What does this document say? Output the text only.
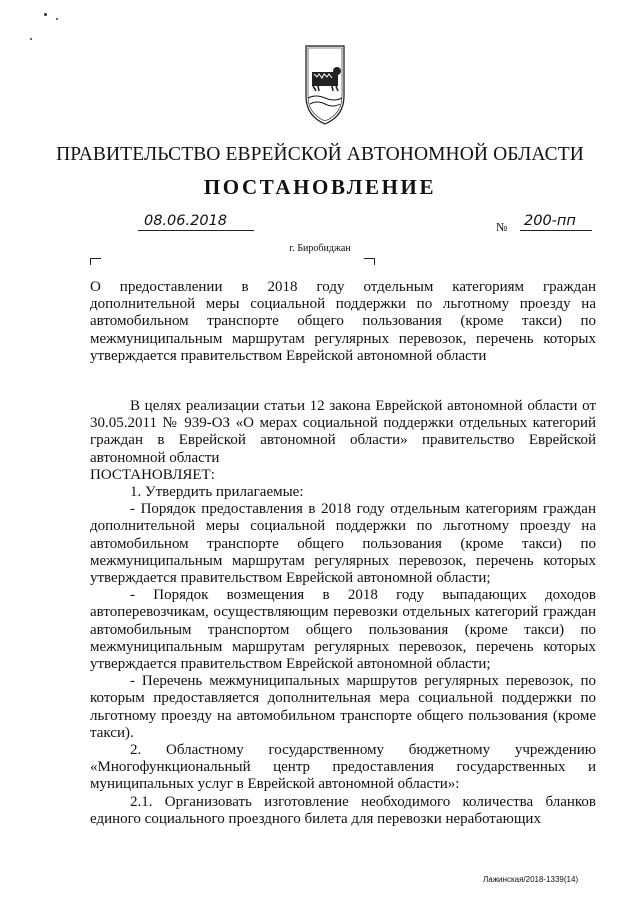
ПРАВИТЕЛЬСТВО ЕВРЕЙСКОЙ АВТОНОМНОЙ ОБЛАСТИ
ПОСТАНОВЛЕНИЕ
08.06.2018	№ 200-пп
г. Биробиджан
О предоставлении в 2018 году отдельным категориям граждан дополнительной меры социальной поддержки по льготному проезду на автомобильном транспорте общего пользования (кроме такси) по межмуниципальным маршрутам регулярных перевозок, перечень которых утверждается правительством Еврейской автономной области

В целях реализации статьи 12 закона Еврейской автономной области от 30.05.2011 № 939-ОЗ «О мерах социальной поддержки отдельных категорий граждан в Еврейской автономной области» правительство Еврейской автономной области

ПОСТАНОВЛЯЕТ:

1. Утвердить прилагаемые:

- Порядок предоставления в 2018 году отдельным категориям граждан дополнительной меры социальной поддержки по льготному проезду на автомобильном транспорте общего пользования (кроме такси) по межмуниципальным маршрутам регулярных перевозок, перечень которых утверждается правительством Еврейской автономной области;

- Порядок возмещения в 2018 году выпадающих доходов автоперевозчикам, осуществляющим перевозки отдельных категорий граждан автомобильным транспортом общего пользования (кроме такси) по межмуниципальным маршрутам регулярных перевозок, перечень которых утверждается правительством Еврейской автономной области;

- Перечень межмуниципальных маршрутов регулярных перевозок, по которым предоставляется дополнительная мера социальной поддержки по льготному проезду на автомобильном транспорте общего пользования (кроме такси).

2. Областному государственному бюджетному учреждению «Многофункциональный центр предоставления государственных и муниципальных услуг в Еврейской автономной области»:

2.1. Организовать изготовление необходимого количества бланков единого социального проездного билета для перевозки неработающих

Лажинская/2018-1339(14)
